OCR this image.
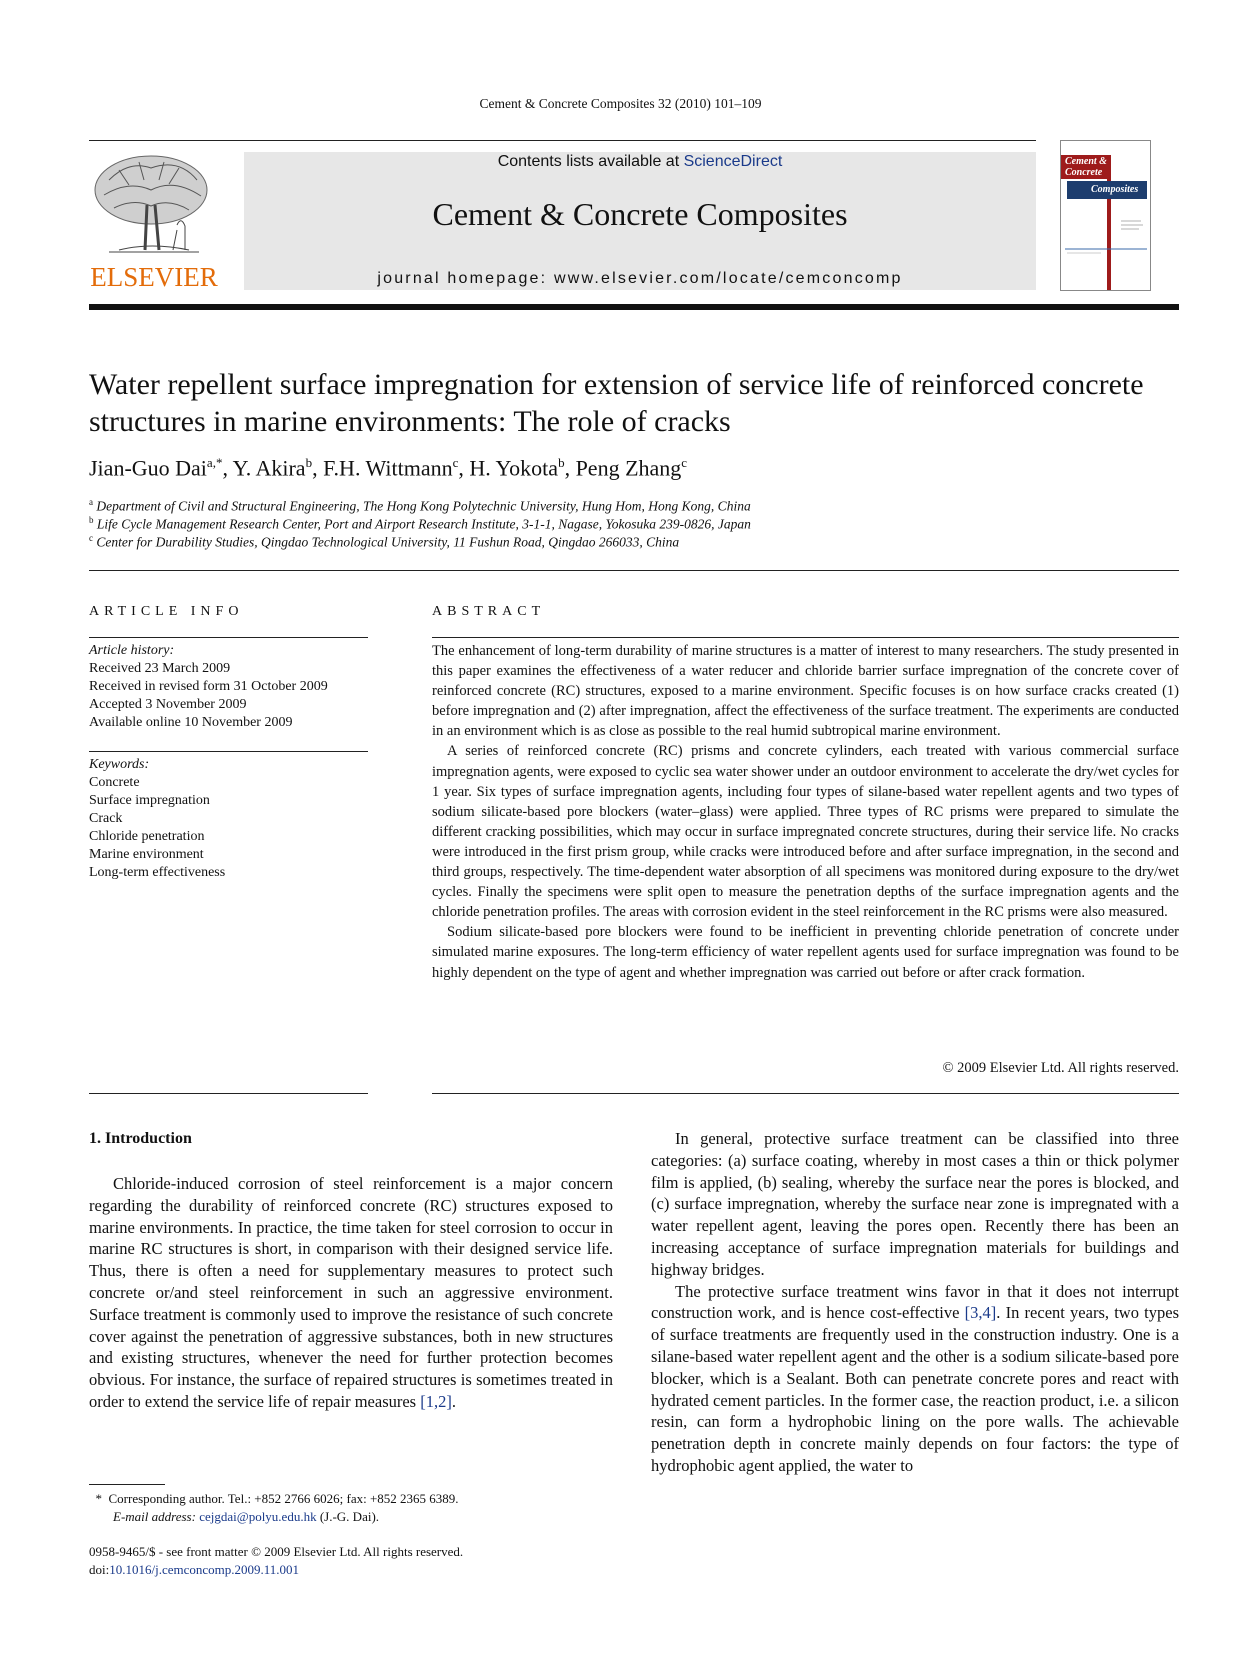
Cement & Concrete Composites 32 (2010) 101–109
ELSEVIER
Contents lists available at ScienceDirect
Cement & Concrete Composites
journal homepage: www.elsevier.com/locate/cemconcomp
Cement &
Concrete
Composites
Water repellent surface impregnation for extension of service life of reinforced concrete structures in marine environments: The role of cracks
Jian-Guo Dai$^{a,*}$, Y. Akira$^b$, F.H. Wittmann$^c$, H. Yokota$^b$, Peng Zhang$^c$
$^a$ Department of Civil and Structural Engineering, The Hong Kong Polytechnic University, Hung Hom, Hong Kong, China
$^b$ Life Cycle Management Research Center, Port and Airport Research Institute, 3-1-1, Nagase, Yokosuka 239-0826, Japan
$^c$ Center for Durability Studies, Qingdao Technological University, 11 Fushun Road, Qingdao 266033, China
ARTICLE INFO	ABSTRACT
Article history:
Received 23 March 2009
Received in revised form 31 October 2009
Accepted 3 November 2009
Available online 10 November 2009
Keywords:
Concrete
Surface impregnation
Crack
Chloride penetration
Marine environment
Long-term effectiveness

The enhancement of long-term durability of marine structures is a matter of interest to many researchers. The study presented in this paper examines the effectiveness of a water reducer and chloride barrier surface impregnation of the concrete cover of reinforced concrete (RC) structures, exposed to a marine environment. Specific focuses is on how surface cracks created (1) before impregnation and (2) after impregnation, affect the effectiveness of the surface treatment. The experiments are conducted in an environment which is as close as possible to the real humid subtropical marine environment.

A series of reinforced concrete (RC) prisms and concrete cylinders, each treated with various commercial surface impregnation agents, were exposed to cyclic sea water shower under an outdoor environment to accelerate the dry/wet cycles for 1 year. Six types of surface impregnation agents, including four types of silane-based water repellent agents and two types of sodium silicate-based pore blockers (water–glass) were applied. Three types of RC prisms were prepared to simulate the different cracking possibilities, which may occur in surface impregnated concrete structures, during their service life. No cracks were introduced in the first prism group, while cracks were introduced before and after surface impregnation, in the second and third groups, respectively. The time-dependent water absorption of all specimens was monitored during exposure to the dry/wet cycles. Finally the specimens were split open to measure the penetration depths of the surface impregnation agents and the chloride penetration profiles. The areas with corrosion evident in the steel reinforcement in the RC prisms were also measured.

Sodium silicate-based pore blockers were found to be inefficient in preventing chloride penetration of concrete under simulated marine exposures. The long-term efficiency of water repellent agents used for surface impregnation was found to be highly dependent on the type of agent and whether impregnation was carried out before or after crack formation.

© 2009 Elsevier Ltd. All rights reserved.
1. Introduction

Chloride-induced corrosion of steel reinforcement is a major concern regarding the durability of reinforced concrete (RC) structures exposed to marine environments. In practice, the time taken for steel corrosion to occur in marine RC structures is short, in comparison with their designed service life. Thus, there is often a need for supplementary measures to protect such concrete or/and steel reinforcement in such an aggressive environment. Surface treatment is commonly used to improve the resistance of such concrete cover against the penetration of aggressive substances, both in new structures and existing structures, whenever the need for further protection becomes obvious. For instance, the surface of repaired structures is sometimes treated in order to extend the service life of repair measures [1,2].

In general, protective surface treatment can be classified into three categories: (a) surface coating, whereby in most cases a thin or thick polymer film is applied, (b) sealing, whereby the surface near the pores is blocked, and (c) surface impregnation, whereby the surface near zone is impregnated with a water repellent agent, leaving the pores open. Recently there has been an increasing acceptance of surface impregnation materials for buildings and highway bridges.

The protective surface treatment wins favor in that it does not interrupt construction work, and is hence cost-effective [3,4]. In recent years, two types of surface treatments are frequently used in the construction industry. One is a silane-based water repellent agent and the other is a sodium silicate-based pore blocker, which is a Sealant. Both can penetrate concrete pores and react with hydrated cement particles. In the former case, the reaction product, i.e. a silicon resin, can form a hydrophobic lining on the pore walls. The achievable penetration depth in concrete mainly depends on four factors: the type of hydrophobic agent applied, the water to

*  Corresponding author. Tel.: +852 2766 6026; fax: +852 2365 6389.
E-mail address: cejgdai@polyu.edu.hk (J.-G. Dai).
0958-9465/$ - see front matter © 2009 Elsevier Ltd. All rights reserved.
doi:10.1016/j.cemconcomp.2009.11.001
